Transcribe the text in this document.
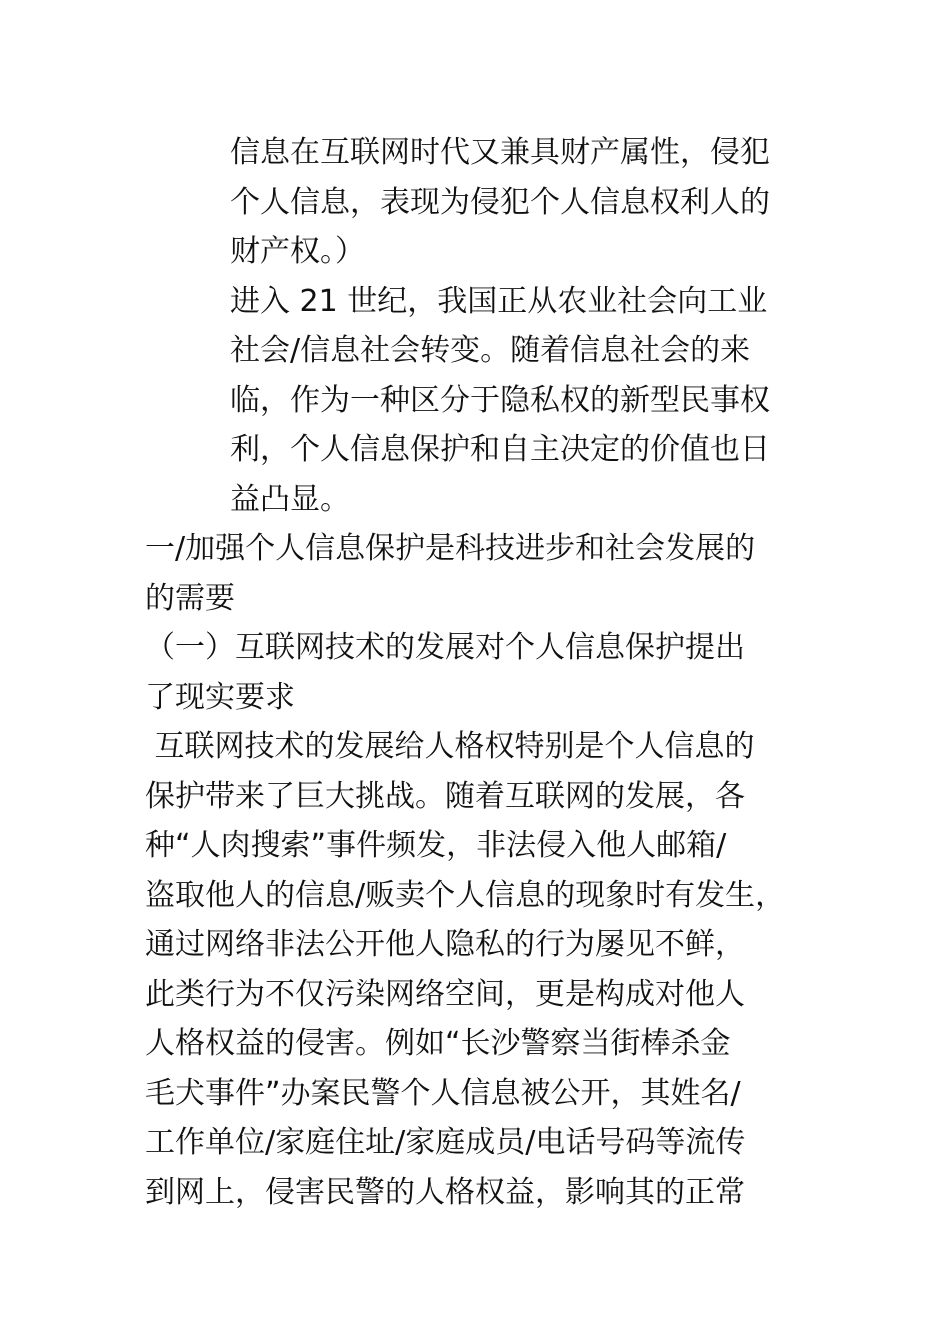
信息在互联网时代又兼具财产属性，侵犯
个人信息，表现为侵犯个人信息权利人的
财产权。）
进入 21 世纪，我国正从农业社会向工业
社会/信息社会转变。随着信息社会的来
临，作为一种区分于隐私权的新型民事权
利，个人信息保护和自主决定的价值也日
益凸显。
一/加强个人信息保护是科技进步和社会发展的
的需要
（一）互联网技术的发展对个人信息保护提出
了现实要求
互联网技术的发展给人格权特别是个人信息的
保护带来了巨大挑战。随着互联网的发展，各
种“人肉搜索”事件频发，非法侵入他人邮箱/
盗取他人的信息/贩卖个人信息的现象时有发生，
通过网络非法公开他人隐私的行为屡见不鲜，
此类行为不仅污染网络空间，更是构成对他人
人格权益的侵害。例如“长沙警察当街棒杀金
毛犬事件”办案民警个人信息被公开，其姓名/
工作单位/家庭住址/家庭成员/电话号码等流传
到网上，侵害民警的人格权益，影响其的正常
